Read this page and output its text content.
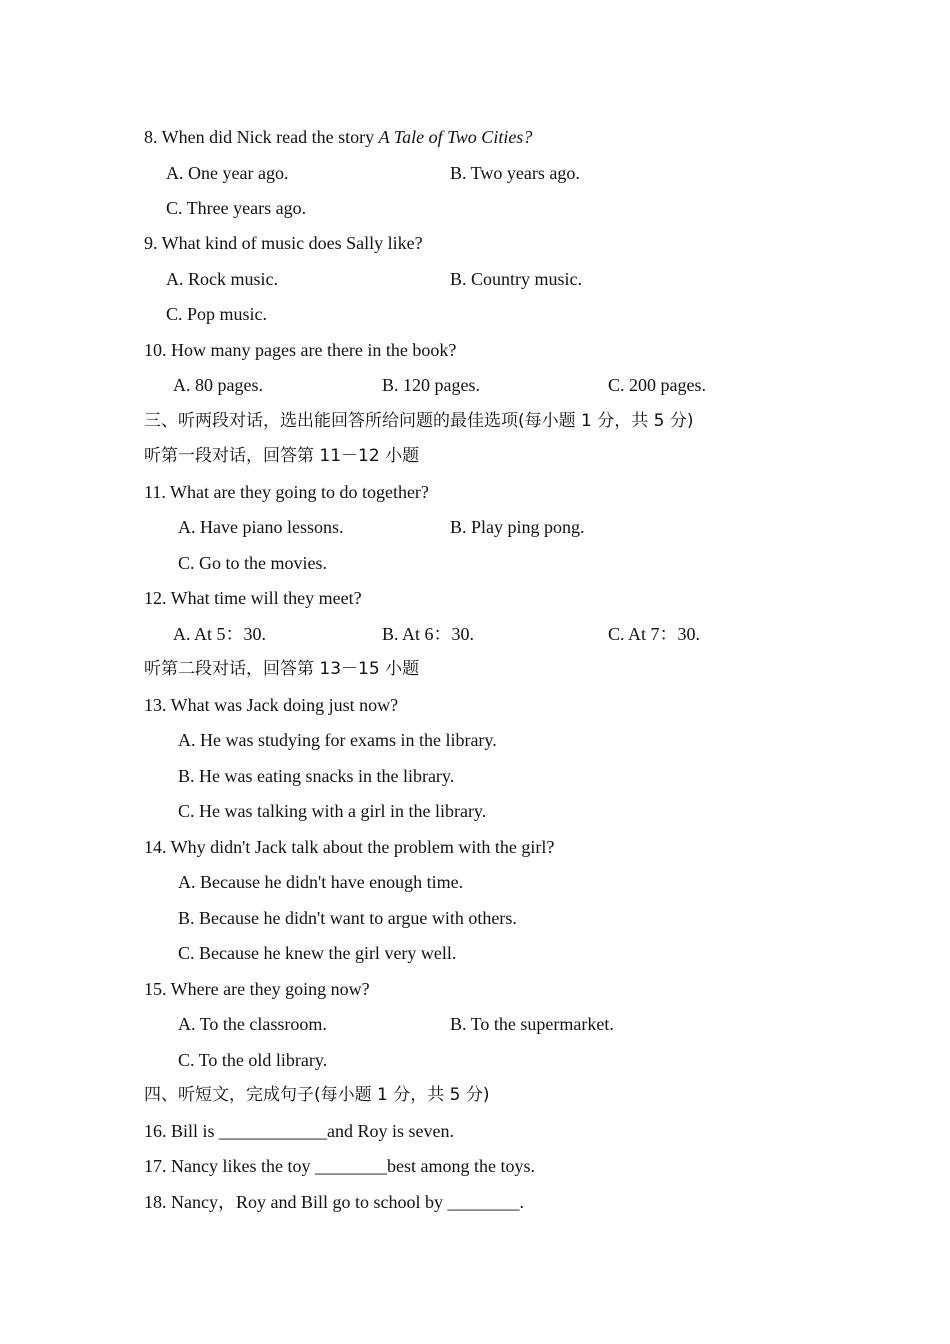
8. When did Nick read the story A Tale of Two Cities?
A. One year ago.	B. Two years ago.
C. Three years ago.
9. What kind of music does Sally like?
A. Rock music.	B. Country music.
C. Pop music.
10. How many pages are there in the book?
A. 80 pages.	B. 120 pages.	C. 200 pages.
三、听两段对话，选出能回答所给问题的最佳选项(每小题 1 分，共 5 分)
听第一段对话，回答第 11－12 小题
11. What are they going to do together?
A. Have piano lessons.	B. Play ping pong.
C. Go to the movies.
12. What time will they meet?
A. At 5：30.	B. At 6：30.	C. At 7：30.
听第二段对话，回答第 13－15 小题
13. What was Jack doing just now?
A. He was studying for exams in the library.
B. He was eating snacks in the library.
C. He was talking with a girl in the library.
14. Why didn't Jack talk about the problem with the girl?
A. Because he didn't have enough time.
B. Because he didn't want to argue with others.
C. Because he knew the girl very well.
15. Where are they going now?
A. To the classroom.	B. To the supermarket.
C. To the old library.
四、听短文，完成句子(每小题 1 分，共 5 分)
16. Bill is ____________and Roy is seven.
17. Nancy likes the toy ________best among the toys.
18. Nancy，Roy and Bill go to school by ________.
